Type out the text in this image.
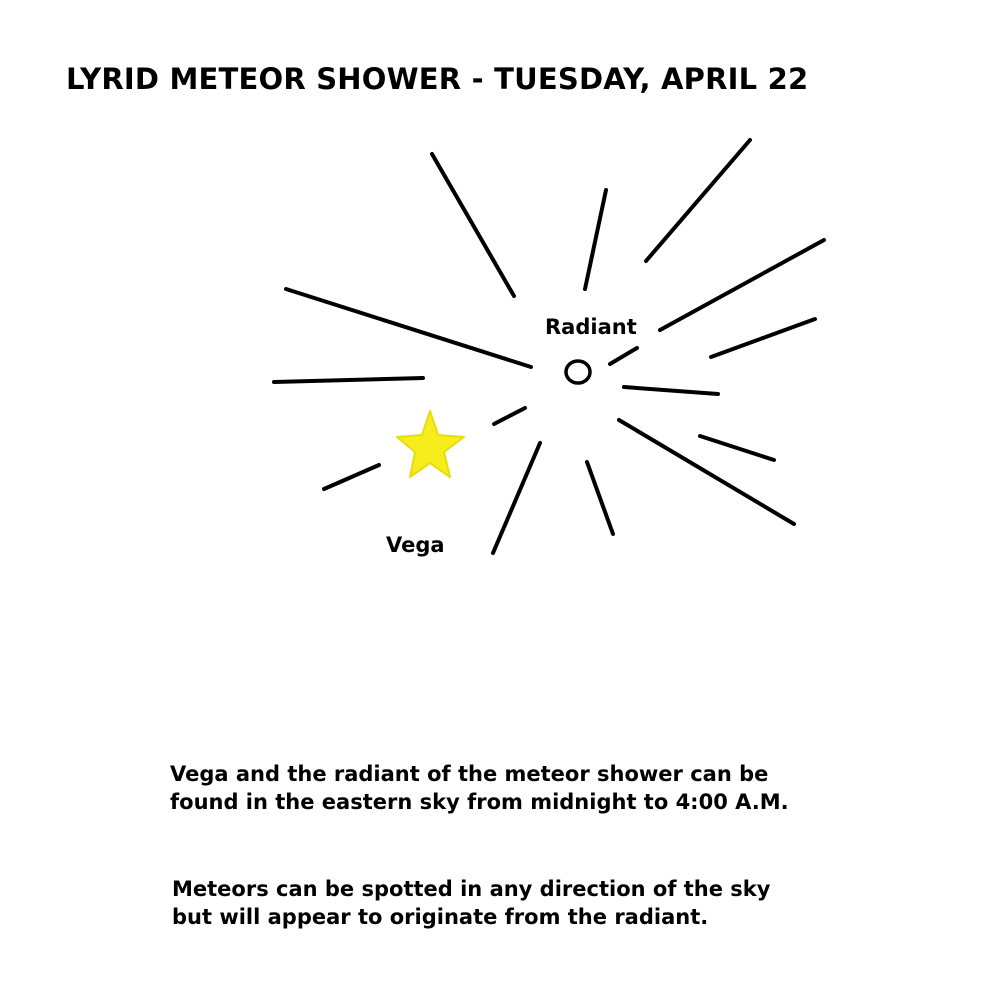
LYRID METEOR SHOWER - TUESDAY, APRIL 22
Radiant
Vega

Vega and the radiant of the meteor shower can be
found in the eastern sky from midnight to 4:00 A.M.

Meteors can be spotted in any direction of the sky
but will appear to originate from the radiant.
